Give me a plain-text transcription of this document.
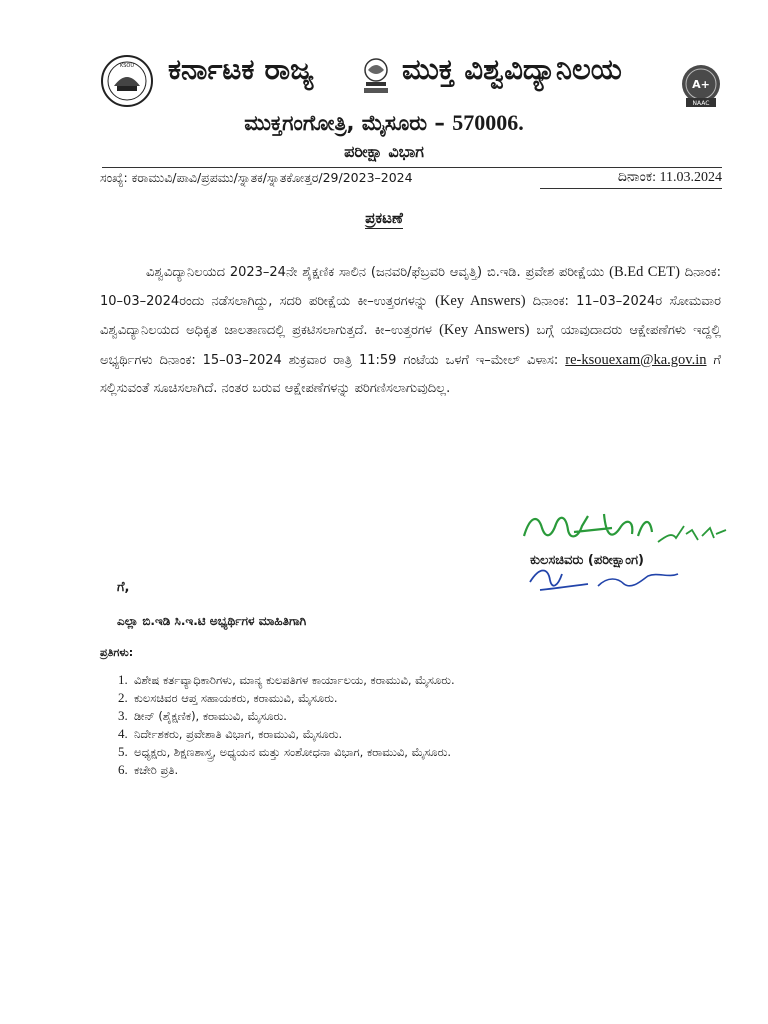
KSOU ಕರ್ನಾಟಕ ರಾಜ್ಯ	ಮುಕ್ತ ವಿಶ್ವವಿದ್ಯಾನಿಲಯ	A+
NAAC
ಮುಕ್ತಗಂಗೋತ್ರಿ, ಮೈಸೂರು – 570006.
ಪರೀಕ್ಷಾ ವಿಭಾಗ
ಸಂಖ್ಯೆ: ಕರಾಮುವಿ/ಪಾವಿ/ಪ್ರಪಮು/ಸ್ನಾತಕ/ಸ್ನಾತಕೋತ್ತರ/29/2023–2024	ದಿನಾಂಕ: 11.03.2024
ಪ್ರಕಟಣೆ
ವಿಶ್ವವಿದ್ಯಾನಿಲಯದ 2023–24ನೇ ಶೈಕ್ಷಣಿಕ ಸಾಲಿನ (ಜನವರಿ/ಫೆಬ್ರವರಿ ಆವೃತ್ತಿ) ಬಿ.ಇಡಿ. ಪ್ರವೇಶ ಪರೀಕ್ಷೆಯು (B.Ed CET) ದಿನಾಂಕ: 10–03–2024ರಂದು ನಡೆಸಲಾಗಿದ್ದು, ಸದರಿ ಪರೀಕ್ಷೆಯ ಕೀ–ಉತ್ತರಗಳನ್ನು (Key Answers) ದಿನಾಂಕ: 11–03–2024ರ ಸೋಮವಾರ ವಿಶ್ವವಿದ್ಯಾನಿಲಯದ ಅಧಿಕೃತ ಜಾಲತಾಣದಲ್ಲಿ ಪ್ರಕಟಿಸಲಾಗುತ್ತದೆ. ಕೀ–ಉತ್ತರಗಳ (Key Answers) ಬಗ್ಗೆ ಯಾವುದಾದರು ಆಕ್ಷೇಪಣೆಗಳು ಇದ್ದಲ್ಲಿ ಅಭ್ಯರ್ಥಿಗಳು ದಿನಾಂಕ: 15–03–2024 ಶುಕ್ರವಾರ ರಾತ್ರಿ 11:59 ಗಂಟೆಯ ಒಳಗೆ ಇ–ಮೇಲ್ ವಿಳಾಸ: re-ksouexam@ka.gov.in ಗೆ ಸಲ್ಲಿಸುವಂತೆ ಸೂಚಿಸಲಾಗಿದೆ. ನಂತರ ಬರುವ ಆಕ್ಷೇಪಣೆಗಳನ್ನು ಪರಿಗಣಿಸಲಾಗುವುದಿಲ್ಲ.
ಕುಲಸಚಿವರು (ಪರೀಕ್ಷಾಂಗ)
ಗೆ,
ಎಲ್ಲಾ ಬಿ.ಇಡಿ ಸಿ.ಇ.ಟಿ ಅಭ್ಯರ್ಥಿಗಳ ಮಾಹಿತಿಗಾಗಿ
ಪ್ರತಿಗಳು:
1. ವಿಶೇಷ ಕರ್ತವ್ಯಾಧಿಕಾರಿಗಳು, ಮಾನ್ಯ ಕುಲಪತಿಗಳ ಕಾರ್ಯಾಲಯ, ಕರಾಮುವಿ, ಮೈಸೂರು.
2. ಕುಲಸಚಿವರ ಆಪ್ತ ಸಹಾಯಕರು, ಕರಾಮುವಿ, ಮೈಸೂರು.
3. ಡೀನ್ (ಶೈಕ್ಷಣಿಕ), ಕರಾಮುವಿ, ಮೈಸೂರು.
4. ನಿರ್ದೇಶಕರು, ಪ್ರವೇಶಾತಿ ವಿಭಾಗ, ಕರಾಮುವಿ, ಮೈಸೂರು.
5. ಅಧ್ಯಕ್ಷರು, ಶಿಕ್ಷಣಶಾಸ್ತ್ರ, ಅಧ್ಯಯನ ಮತ್ತು ಸಂಶೋಧನಾ ವಿಭಾಗ, ಕರಾಮುವಿ, ಮೈಸೂರು.
6. ಕಚೇರಿ ಪ್ರತಿ.
